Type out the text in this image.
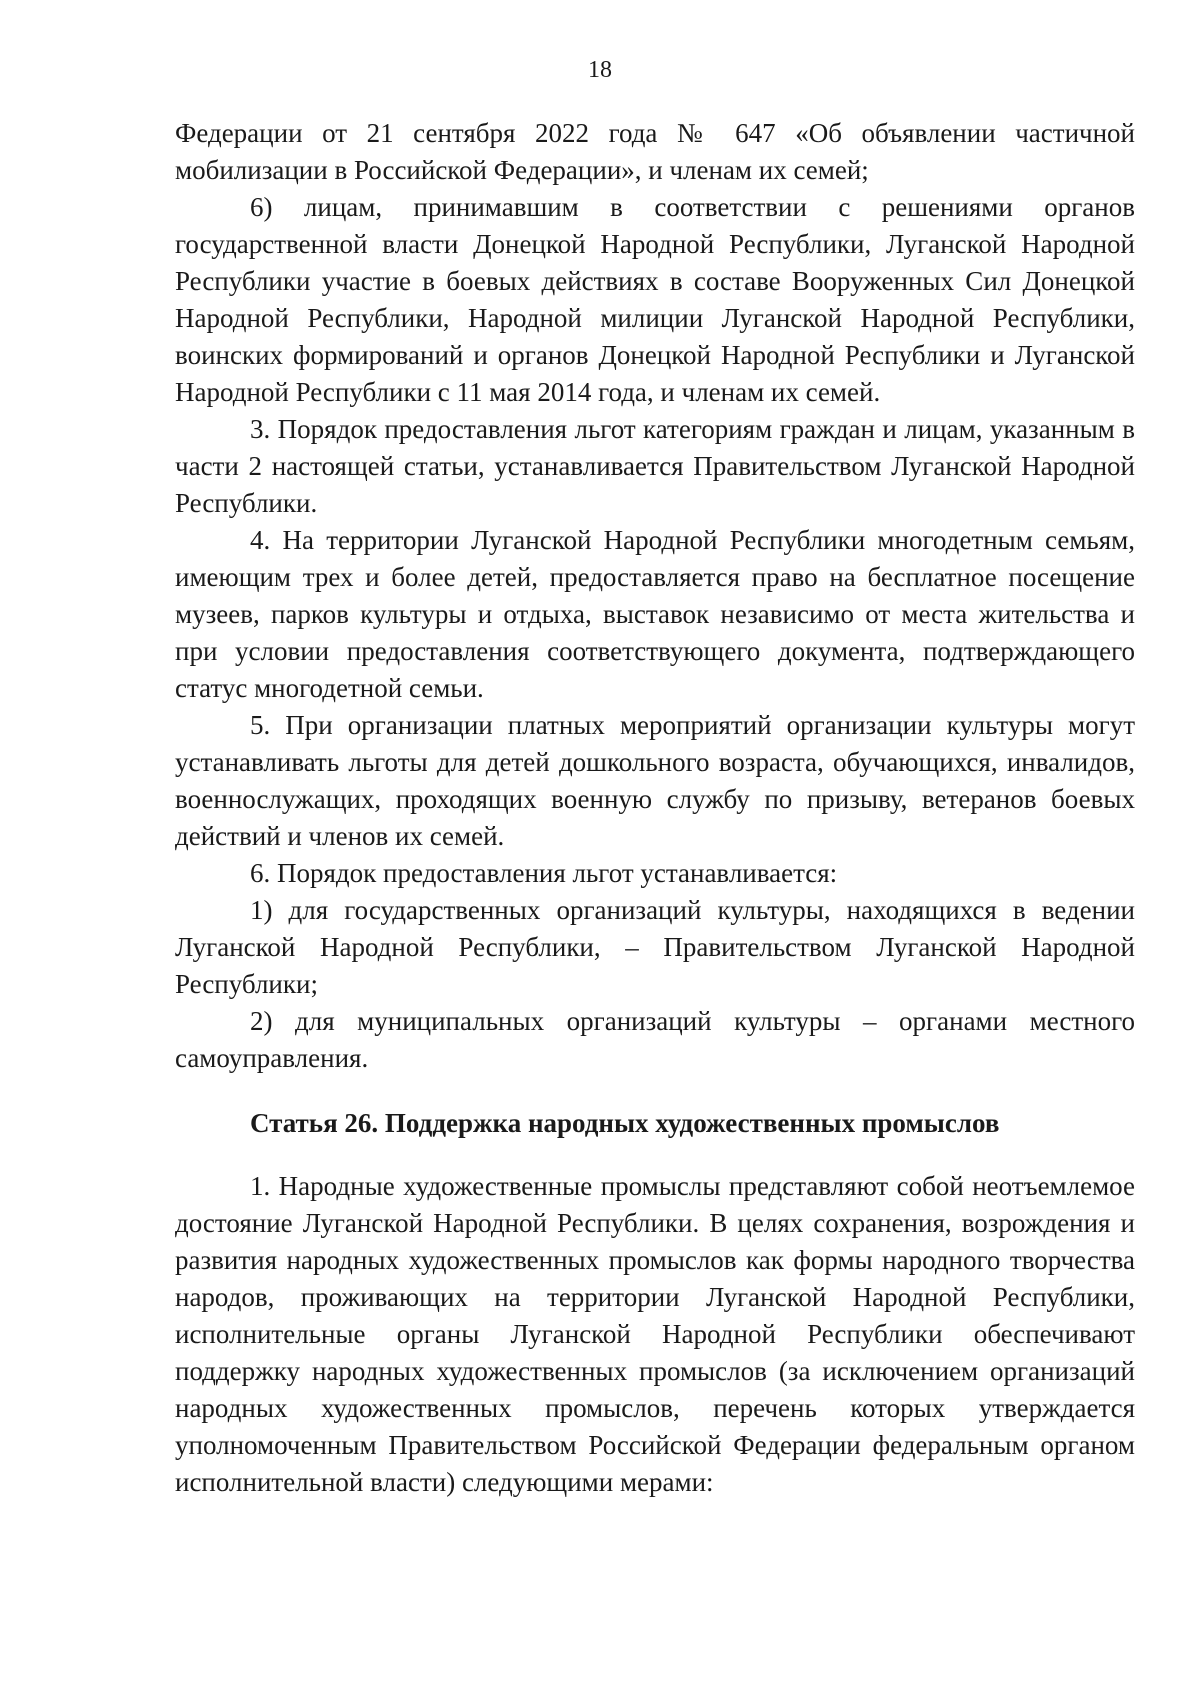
18

Федерации от 21 сентября 2022 года № 647 «Об объявлении частичной мобилизации в Российской Федерации», и членам их семей;

6) лицам, принимавшим в соответствии с решениями органов государственной власти Донецкой Народной Республики, Луганской Народной Республики участие в боевых действиях в составе Вооруженных Сил Донецкой Народной Республики, Народной милиции Луганской Народной Республики, воинских формирований и органов Донецкой Народной Республики и Луганской Народной Республики с 11 мая 2014 года, и членам их семей.

3. Порядок предоставления льгот категориям граждан и лицам, указанным в части 2 настоящей статьи, устанавливается Правительством Луганской Народной Республики.

4. На территории Луганской Народной Республики многодетным семьям, имеющим трех и более детей, предоставляется право на бесплатное посещение музеев, парков культуры и отдыха, выставок независимо от места жительства и при условии предоставления соответствующего документа, подтверждающего статус многодетной семьи.

5. При организации платных мероприятий организации культуры могут устанавливать льготы для детей дошкольного возраста, обучающихся, инвалидов, военнослужащих, проходящих военную службу по призыву, ветеранов боевых действий и членов их семей.

6. Порядок предоставления льгот устанавливается:

1) для государственных организаций культуры, находящихся в ведении Луганской Народной Республики, – Правительством Луганской Народной Республики;

2) для муниципальных организаций культуры – органами местного самоуправления.

Статья 26. Поддержка народных художественных промыслов

1. Народные художественные промыслы представляют собой неотъемлемое достояние Луганской Народной Республики. В целях сохранения, возрождения и развития народных художественных промыслов как формы народного творчества народов, проживающих на территории Луганской Народной Республики, исполнительные органы Луганской Народной Республики обеспечивают поддержку народных художественных промыслов (за исключением организаций народных художественных промыслов, перечень которых утверждается уполномоченным Правительством Российской Федерации федеральным органом исполнительной власти) следующими мерами:
